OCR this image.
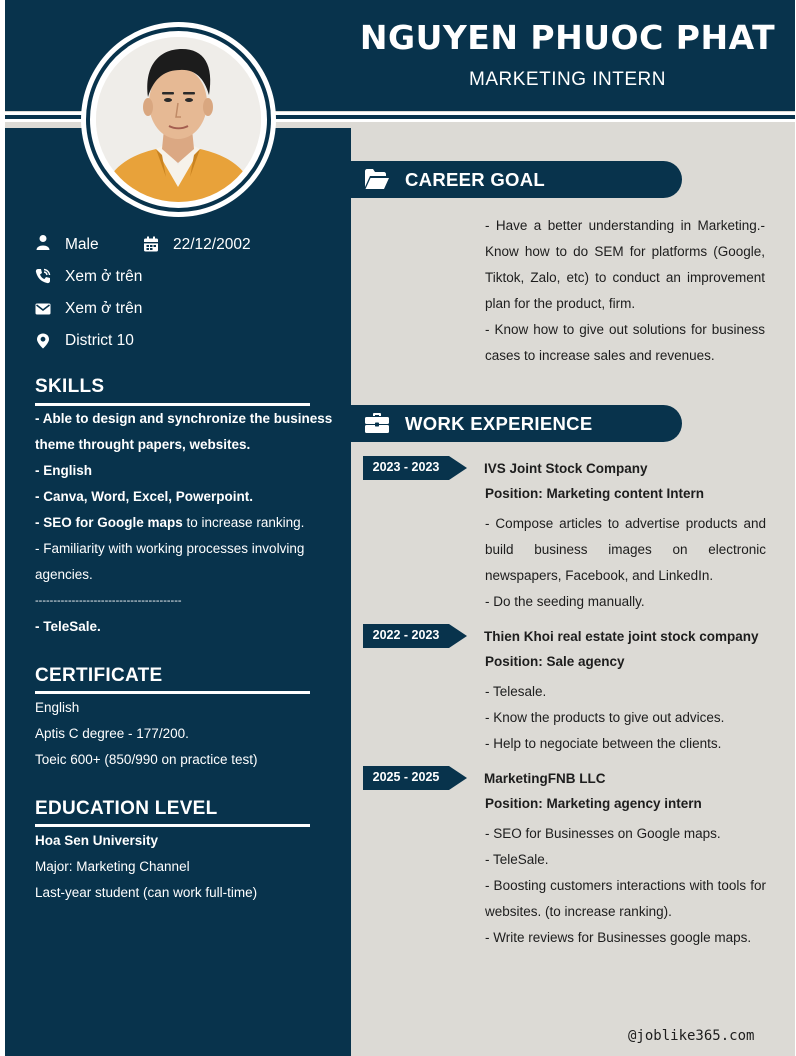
NGUYEN PHUOC PHAT
MARKETING INTERN
Male	22/12/2002
Xem ở trên
Xem ở trên
District 10
SKILLS
- Able to design and synchronize the business
theme throught papers, websites.
- English
- Canva, Word, Excel, Powerpoint.
- SEO for Google maps to increase ranking.
- Familiarity with working processes involving
agencies.
----------------------------------------
- TeleSale.
CERTIFICATE
English
Aptis C degree - 177/200.
Toeic 600+ (850/990 on practice test)
EDUCATION LEVEL
Hoa Sen University
Major: Marketing Channel
Last-year student (can work full-time)
CAREER GOAL
- Have a better understanding in Marketing.- Know how to do SEM for platforms (Google, Tiktok, Zalo, etc) to conduct an improvement plan for the product, firm.
- Know how to give out solutions for business cases to increase sales and revenues.
WORK EXPERIENCE
2023 - 2023	IVS Joint Stock Company
Position: Marketing content Intern
- Compose articles to advertise products and build business images on electronic newspapers, Facebook, and LinkedIn.
- Do the seeding manually.
2022 - 2023	Thien Khoi real estate joint stock company
Position: Sale agency
- Telesale.
- Know the products to give out advices.
- Help to negociate between the clients.
2025 - 2025	MarketingFNB LLC
Position: Marketing agency intern
- SEO for Businesses on Google maps.
- TeleSale.
- Boosting customers interactions with tools for websites. (to increase ranking).
- Write reviews for Businesses google maps.
@joblike365.com
